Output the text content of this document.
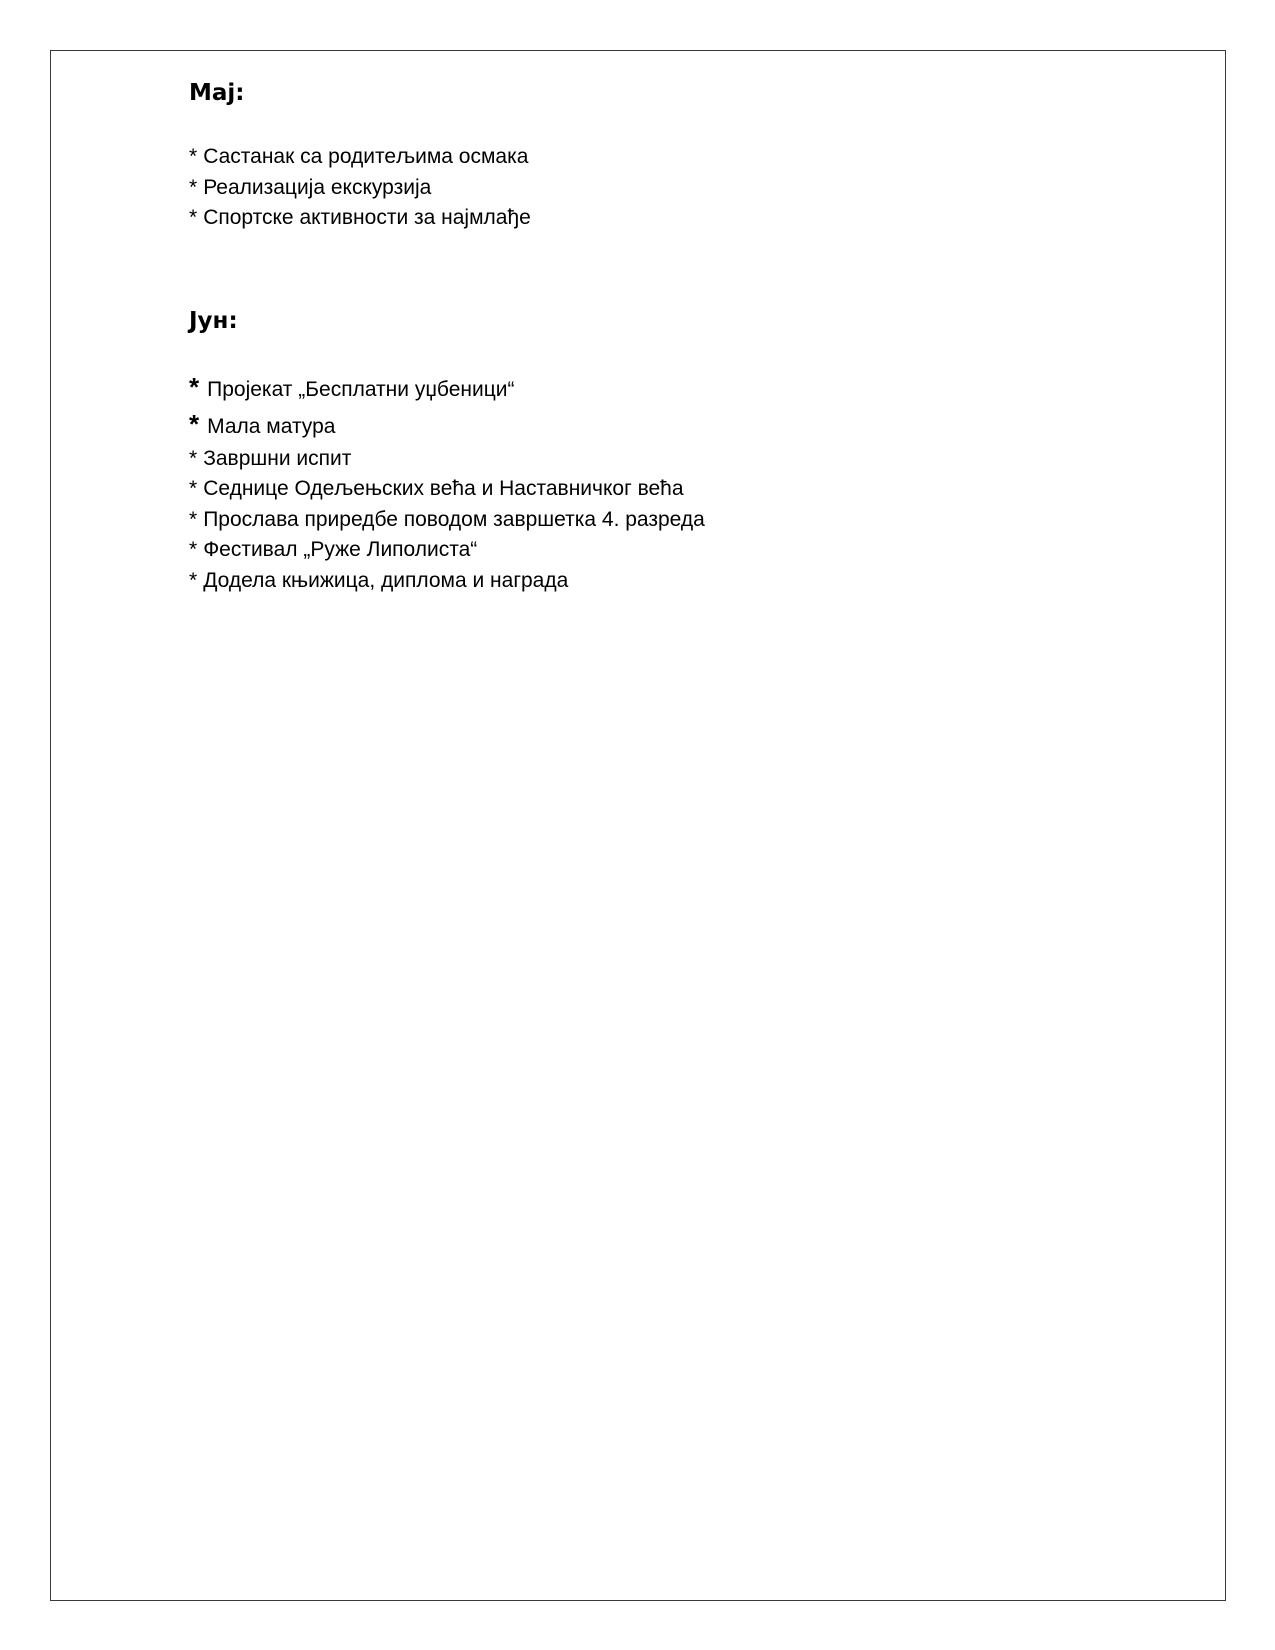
Мај:
* Састанак са родитељима осмака
* Реализација екскурзија
* Спортске активности за најмлађе
Јун:
* Пројекат „Бесплатни уџбеници“
* Мала матура
* Завршни испит
* Седнице Одељењских већа и Наставничког већа
* Прослава приредбе поводом завршетка 4. разреда
* Фестивал „Руже Липолиста“
* Додела књижица, диплома и награда
